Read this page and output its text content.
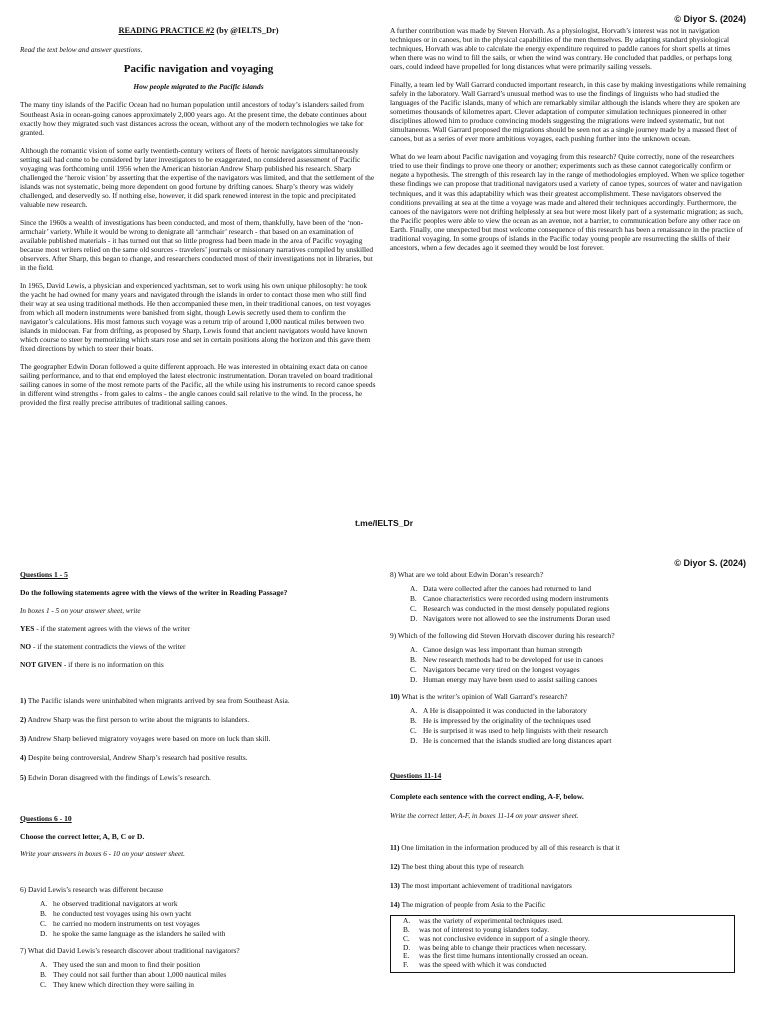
© Diyor S. (2024)
READING PRACTICE #2 (by @IELTS_Dr)
Read the text below and answer questions.
Pacific navigation and voyaging
How people migrated to the Pacific islands

The many tiny islands of the Pacific Ocean had no human population until ancestors of today’s islanders sailed from Southeast Asia in ocean-going canoes approximately 2,000 years ago. At the present time, the debate continues about exactly how they migrated such vast distances across the ocean, without any of the modern technologies we take for granted.

Although the romantic vision of some early twentieth-century writers of fleets of heroic navigators simultaneously setting sail had come to be considered by later investigators to be exaggerated, no considered assessment of Pacific voyaging was forthcoming until 1956 when the American historian Andrew Sharp published his research. Sharp challenged the ‘heroic vision’ by asserting that the expertise of the navigators was limited, and that the settlement of the islands was not systematic, being more dependent on good fortune by drifting canoes. Sharp’s theory was widely challenged, and deservedly so. If nothing else, however, it did spark renewed interest in the topic and precipitated valuable new research.

Since the 1960s a wealth of investigations has been conducted, and most of them, thankfully, have been of the ‘non-armchair’ variety. While it would be wrong to denigrate all ‘armchair’ research - that based on an examination of available published materials - it has turned out that so little progress had been made in the area of Pacific voyaging because most writers relied on the same old sources - travelers’ journals or missionary narratives compiled by unskilled observers. After Sharp, this began to change, and researchers conducted most of their investigations not in libraries, but in the field.

In 1965, David Lewis, a physician and experienced yachtsman, set to work using his own unique philosophy: he took the yacht he had owned for many years and navigated through the islands in order to contact those men who still find their way at sea using traditional methods. He then accompanied these men, in their traditional canoes, on test voyages from which all modern instruments were banished from sight, though Lewis secretly used them to confirm the navigator’s calculations. His most famous such voyage was a return trip of around 1,000 nautical miles between two islands in midocean. Far from drifting, as proposed by Sharp, Lewis found that ancient navigators would have known which course to steer by memorizing which stars rose and set in certain positions along the horizon and this gave them fixed directions by which to steer their boats.

The geographer Edwin Doran followed a quite different approach. He was interested in obtaining exact data on canoe sailing performance, and to that end employed the latest electronic instrumentation. Doran traveled on board traditional sailing canoes in some of the most remote parts of the Pacific, all the while using his instruments to record canoe speeds in different wind strengths - from gales to calms - the angle canoes could sail relative to the wind. In the process, he provided the first really precise attributes of traditional sailing canoes.

A further contribution was made by Steven Horvath. As a physiologist, Horvath’s interest was not in navigation techniques or in canoes, but in the physical capabilities of the men themselves. By adapting standard physiological techniques, Horvath was able to calculate the energy expenditure required to paddle canoes for short spells at times when there was no wind to fill the sails, or when the wind was contrary. He concluded that paddles, or perhaps long oars, could indeed have propelled for long distances what were primarily sailing vessels.

Finally, a team led by Wall Garrard conducted important research, in this case by making investigations while remaining safely in the laboratory. Wall Garrard’s unusual method was to use the findings of linguists who had studied the languages of the Pacific islands, many of which are remarkably similar although the islands where they are spoken are sometimes thousands of kilometres apart. Clever adaptation of computer simulation techniques pioneered in other disciplines allowed him to produce convincing models suggesting the migrations were indeed systematic, but not simultaneous. Wall Garrard proposed the migrations should be seen not as a single journey made by a massed fleet of canoes, but as a series of ever more ambitious voyages, each pushing further into the unknown ocean.

What do we learn about Pacific navigation and voyaging from this research? Quite correctly, none of the researchers tried to use their findings to prove one theory or another; experiments such as these cannot categorically confirm or negate a hypothesis. The strength of this research lay in the range of methodologies employed. When we splice together these findings we can propose that traditional navigators used a variety of canoe types, sources of water and navigation techniques, and it was this adaptability which was their greatest accomplishment. These navigators observed the conditions prevailing at sea at the time a voyage was made and altered their techniques accordingly. Furthermore, the canoes of the navigators were not drifting helplessly at sea but were most likely part of a systematic migration; as such, the Pacific peoples were able to view the ocean as an avenue, not a barrier, to communication before any other race on Earth. Finally, one unexpected but most welcome consequence of this research has been a renaissance in the practice of traditional voyaging. In some groups of islands in the Pacific today young people are resurrecting the skills of their ancestors, when a few decades ago it seemed they would be lost forever.

t.me/IELTS_Dr
© Diyor S. (2024)
Questions 1 - 5
Do the following statements agree with the views of the writer in Reading Passage?
In boxes 1 - 5 on your answer sheet, write
YES - if the statement agrees with the views of the writer
NO - if the statement contradicts the views of the writer
NOT GIVEN - if there is no information on this
1) The Pacific islands were uninhabited when migrants arrived by sea from Southeast Asia.
2) Andrew Sharp was the first person to write about the migrants to islanders.
3) Andrew Sharp believed migratory voyages were based on more on luck than skill.
4) Despite being controversial, Andrew Sharp’s research had positive results.
5) Edwin Doran disagreed with the findings of Lewis’s research.
Questions 6 - 10
Choose the correct letter, A, B, C or D.
Write your answers in boxes 6 - 10 on your answer sheet.
6) David Lewis’s research was different because
A. he observed traditional navigators at work
B. he conducted test voyages using his own yacht
C. he carried no modern instruments on test voyages
D. he spoke the same language as the islanders he sailed with
7) What did David Lewis’s research discover about traditional navigators?
A. They used the sun and moon to find their position
B. They could not sail further than about 1,000 nautical miles
C. They knew which direction they were sailing in
8) What are we told about Edwin Doran’s research?
A. Data were collected after the canoes had returned to land
B. Canoe characteristics were recorded using modern instruments
C. Research was conducted in the most densely populated regions
D. Navigators were not allowed to see the instruments Doran used
9) Which of the following did Steven Horvath discover during his research?
A. Canoe design was less important than human strength
B. New research methods had to be developed for use in canoes
C. Navigators became very tired on the longest voyages
D. Human energy may have been used to assist sailing canoes
10) What is the writer’s opinion of Wall Garrard’s research?
A. A He is disappointed it was conducted in the laboratory
B. He is impressed by the originality of the techniques used
C. He is surprised it was used to help linguists with their research
D. He is concerned that the islands studied are long distances apart
Questions 11-14
Complete each sentence with the correct ending, A-F, below.
Write the correct letter, A-F, in boxes 11-14 on your answer sheet.
11) One limitation in the information produced by all of this research is that it
12) The best thing about this type of research
13) The most important achievement of traditional navigators
14) The migration of people from Asia to the Pacific
A. was the variety of experimental techniques used.
B. was not of interest to young islanders today.
C. was not conclusive evidence in support of a single theory.
D. was being able to change their practices when necessary.
E. was the first time humans intentionally crossed an ocean.
F. was the speed with which it was conducted
